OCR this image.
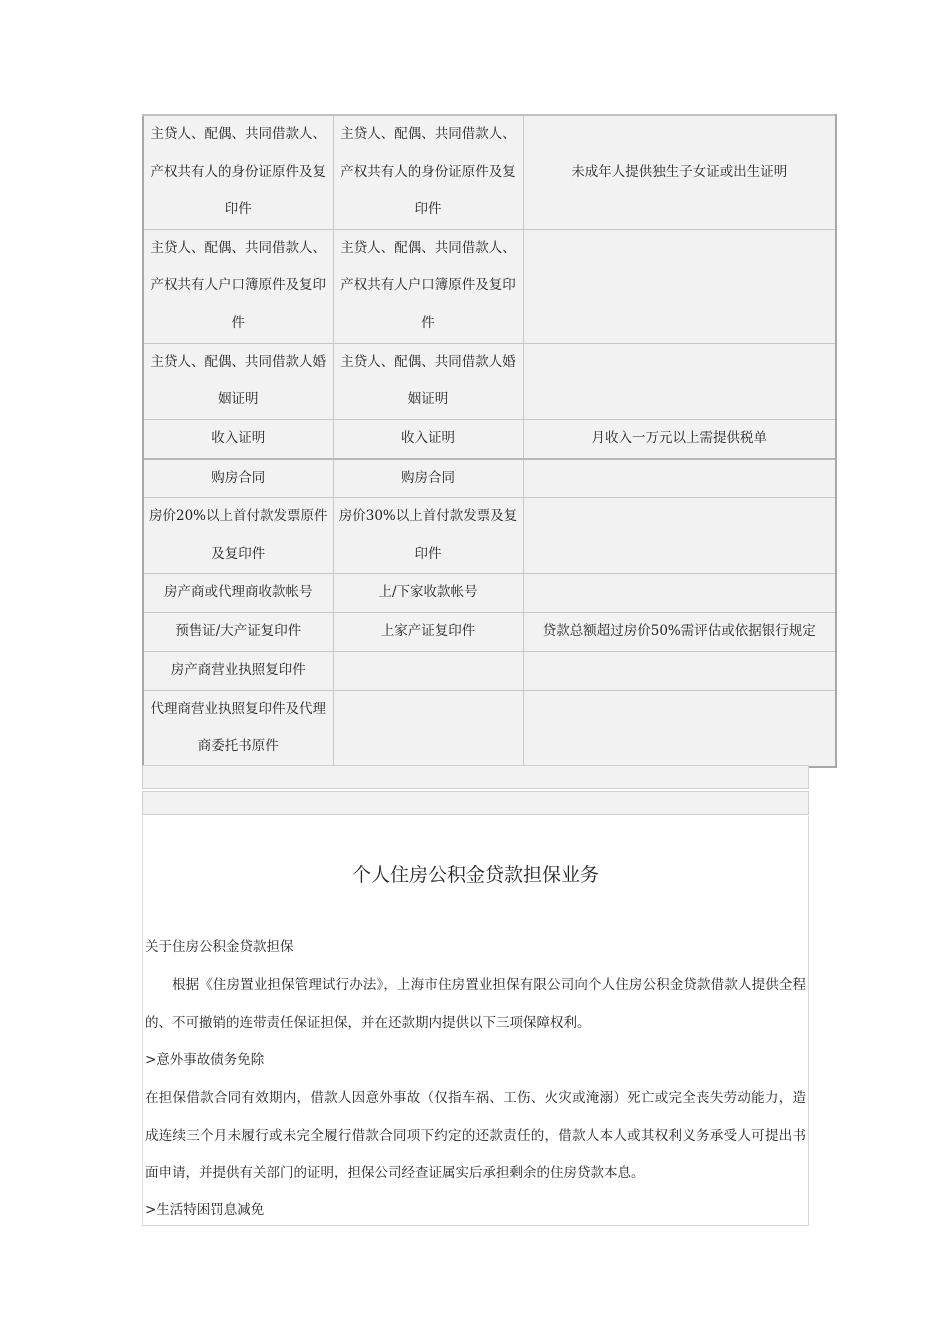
主贷人、配偶、共同借款人、产权共有人的身份证原件及复印件	主贷人、配偶、共同借款人、产权共有人的身份证原件及复印件	未成年人提供独生子女证或出生证明
主贷人、配偶、共同借款人、产权共有人户口簿原件及复印件	主贷人、配偶、共同借款人、产权共有人户口簿原件及复印件	
主贷人、配偶、共同借款人婚姻证明	主贷人、配偶、共同借款人婚姻证明	
收入证明	收入证明	月收入一万元以上需提供税单
购房合同	购房合同	
房价20%以上首付款发票原件及复印件	房价30%以上首付款发票及复印件	
房产商或代理商收款帐号	上/下家收款帐号	
预售证/大产证复印件	上家产证复印件	贷款总额超过房价50%需评估或依据银行规定
房产商营业执照复印件		
代理商营业执照复印件及代理商委托书原件		
个人住房公积金贷款担保业务
关于住房公积金贷款担保
根据《住房置业担保管理试行办法》，上海市住房置业担保有限公司向个人住房公积金贷款借款人提供全程的、不可撤销的连带责任保证担保，并在还款期内提供以下三项保障权利。
>意外事故债务免除
在担保借款合同有效期内，借款人因意外事故（仅指车祸、工伤、火灾或淹溺）死亡或完全丧失劳动能力，造成连续三个月未履行或未完全履行借款合同项下约定的还款责任的，借款人本人或其权利义务承受人可提出书面申请，并提供有关部门的证明，担保公司经查证属实后承担剩余的住房贷款本息。
>生活特困罚息减免
